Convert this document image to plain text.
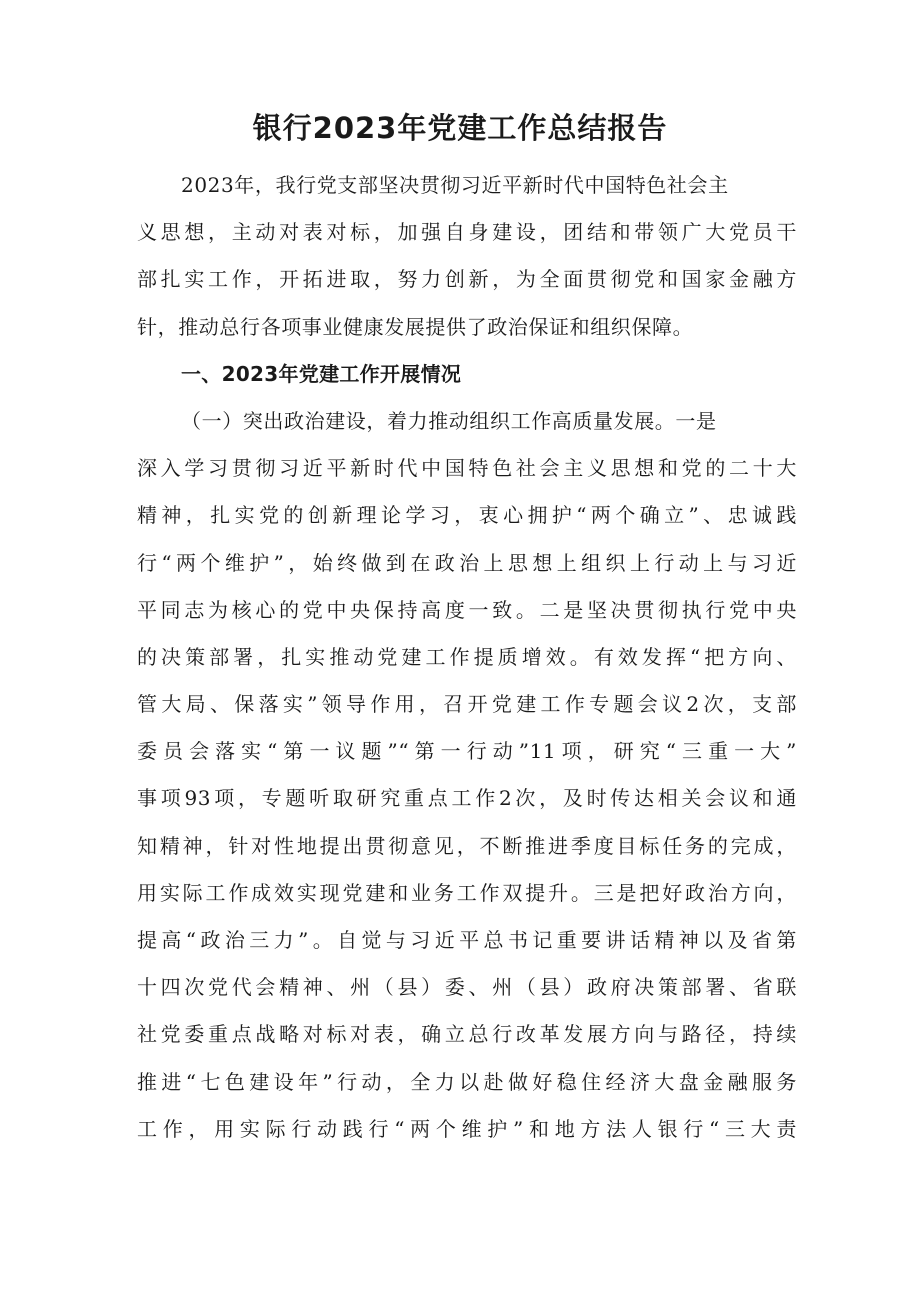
银行2023年党建工作总结报告
2023年，我行党支部坚决贯彻习近平新时代中国特色社会主
义思想，主动对表对标，加强自身建设，团结和带领广大党员干
部扎实工作，开拓进取，努力创新，为全面贯彻党和国家金融方
针，推动总行各项事业健康发展提供了政治保证和组织保障。
一、2023年党建工作开展情况
（一）突出政治建设，着力推动组织工作高质量发展。一是
深入学习贯彻习近平新时代中国特色社会主义思想和党的二十大
精神，扎实党的创新理论学习，衷心拥护“两个确立”、忠诚践
行“两个维护”，始终做到在政治上思想上组织上行动上与习近
平同志为核心的党中央保持高度一致。二是坚决贯彻执行党中央
的决策部署，扎实推动党建工作提质增效。有效发挥“把方向、
管大局、保落实”领导作用，召开党建工作专题会议2次，支部
委员会落实“第一议题”“第一行动”11项，研究“三重一大”
事项93项，专题听取研究重点工作2次，及时传达相关会议和通
知精神，针对性地提出贯彻意见，不断推进季度目标任务的完成，
用实际工作成效实现党建和业务工作双提升。三是把好政治方向，
提高“政治三力”。自觉与习近平总书记重要讲话精神以及省第
十四次党代会精神、州（县）委、州（县）政府决策部署、省联
社党委重点战略对标对表，确立总行改革发展方向与路径，持续
推进“七色建设年”行动，全力以赴做好稳住经济大盘金融服务
工作，用实际行动践行“两个维护”和地方法人银行“三大责
